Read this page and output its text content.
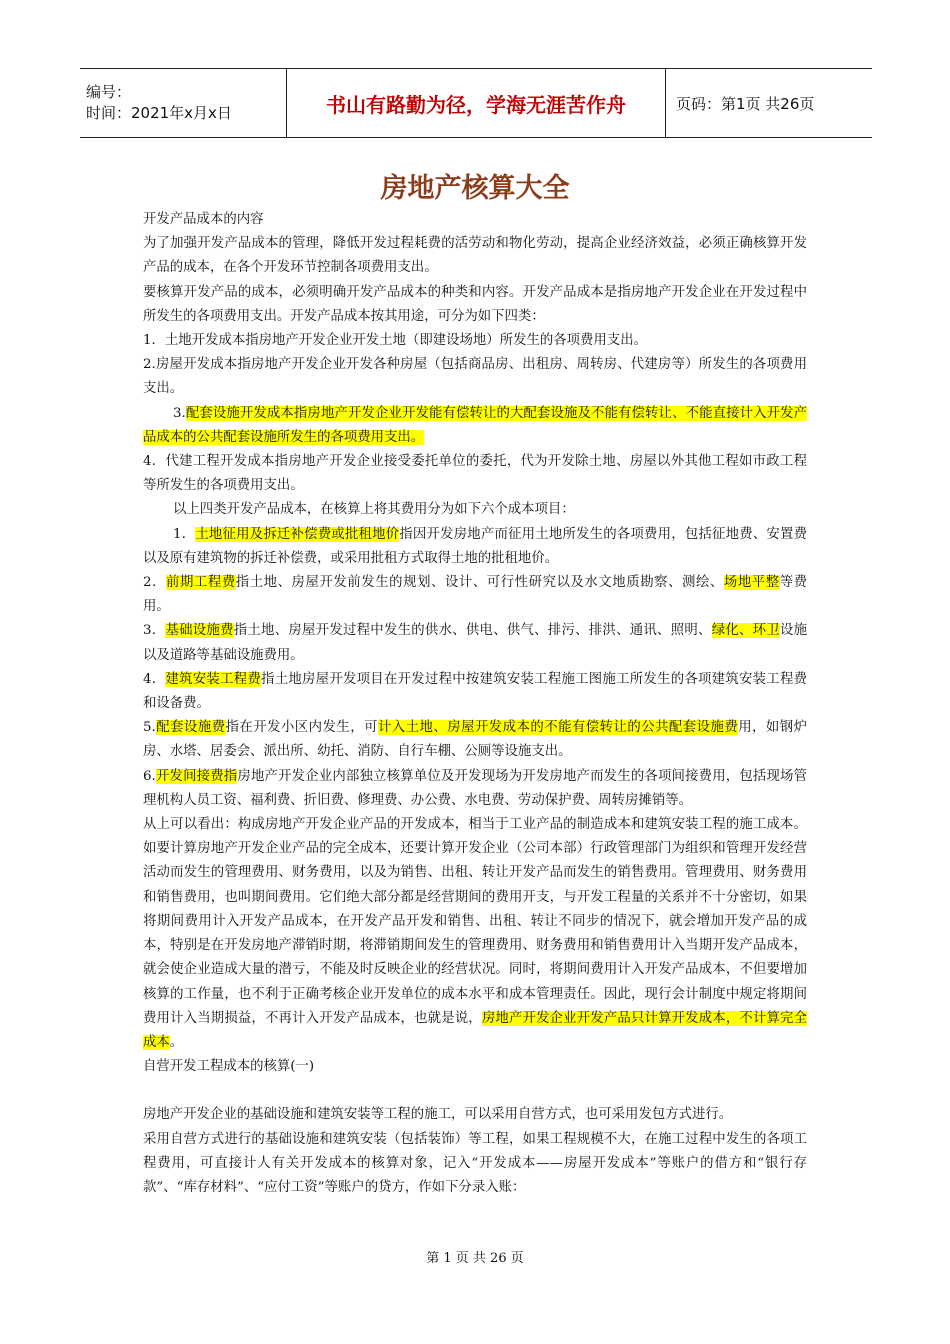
编号：
时间：2021年x月x日	书山有路勤为径，学海无涯苦作舟	页码：第1页 共26页
房地产核算大全

开发产品成本的内容

为了加强开发产品成本的管理，降低开发过程耗费的活劳动和物化劳动，提高企业经济效益，必须正确核算开发产品的成本，在各个开发环节控制各项费用支出。

要核算开发产品的成本，必须明确开发产品成本的种类和内容。开发产品成本是指房地产开发企业在开发过程中所发生的各项费用支出。开发产品成本按其用途，可分为如下四类：

1．土地开发成本指房地产开发企业开发土地（即建设场地）所发生的各项费用支出。

2.房屋开发成本指房地产开发企业开发各种房屋（包括商品房、出租房、周转房、代建房等）所发生的各项费用支出。

3.配套设施开发成本指房地产开发企业开发能有偿转让的大配套设施及不能有偿转让、不能直接计入开发产品成本的公共配套设施所发生的各项费用支出。

4．代建工程开发成本指房地产开发企业接受委托单位的委托，代为开发除土地、房屋以外其他工程如市政工程等所发生的各项费用支出。

以上四类开发产品成本，在核算上将其费用分为如下六个成本项目：

1．土地征用及拆迁补偿费或批租地价指因开发房地产而征用土地所发生的各项费用，包括征地费、安置费以及原有建筑物的拆迁补偿费，或采用批租方式取得土地的批租地价。

2．前期工程费指土地、房屋开发前发生的规划、设计、可行性研究以及水文地质勘察、测绘、场地平整等费用。

3．基础设施费指土地、房屋开发过程中发生的供水、供电、供气、排污、排洪、通讯、照明、绿化、环卫设施以及道路等基础设施费用。

4．建筑安装工程费指土地房屋开发项目在开发过程中按建筑安装工程施工图施工所发生的各项建筑安装工程费和设备费。

5.配套设施费指在开发小区内发生，可计入土地、房屋开发成本的不能有偿转让的公共配套设施费用，如钢炉房、水塔、居委会、派出所、幼托、消防、自行车棚、公厕等设施支出。

6.开发间接费指房地产开发企业内部独立核算单位及开发现场为开发房地产而发生的各项间接费用，包括现场管理机构人员工资、福利费、折旧费、修理费、办公费、水电费、劳动保护费、周转房摊销等。

从上可以看出：构成房地产开发企业产品的开发成本，相当于工业产品的制造成本和建筑安装工程的施工成本。如要计算房地产开发企业产品的完全成本，还要计算开发企业（公司本部）行政管理部门为组织和管理开发经营活动而发生的管理费用、财务费用，以及为销售、出租、转让开发产品而发生的销售费用。管理费用、财务费用和销售费用，也叫期间费用。它们绝大部分都是经营期间的费用开支，与开发工程量的关系并不十分密切，如果将期间费用计入开发产品成本，在开发产品开发和销售、出租、转让不同步的情况下，就会增加开发产品的成本，特别是在开发房地产滞销时期，将滞销期间发生的管理费用、财务费用和销售费用计入当期开发产品成本，就会使企业造成大量的潜亏，不能及时反映企业的经营状况。同时，将期间费用计入开发产品成本，不但要增加核算的工作量，也不利于正确考核企业开发单位的成本水平和成本管理责任。因此，现行会计制度中规定将期间费用计入当期损益，不再计入开发产品成本，也就是说，房地产开发企业开发产品只计算开发成本，不计算完全成本。

自营开发工程成本的核算(一)

房地产开发企业的基础设施和建筑安装等工程的施工，可以采用自营方式，也可采用发包方式进行。

采用自营方式进行的基础设施和建筑安装（包括装饰）等工程，如果工程规模不大，在施工过程中发生的各项工程费用，可直接计人有关开发成本的核算对象，记入“开发成本——房屋开发成本”等账户的借方和“银行存款”、“库存材料”、“应付工资”等账户的贷方，作如下分录入账：

第 1 页 共 26 页
